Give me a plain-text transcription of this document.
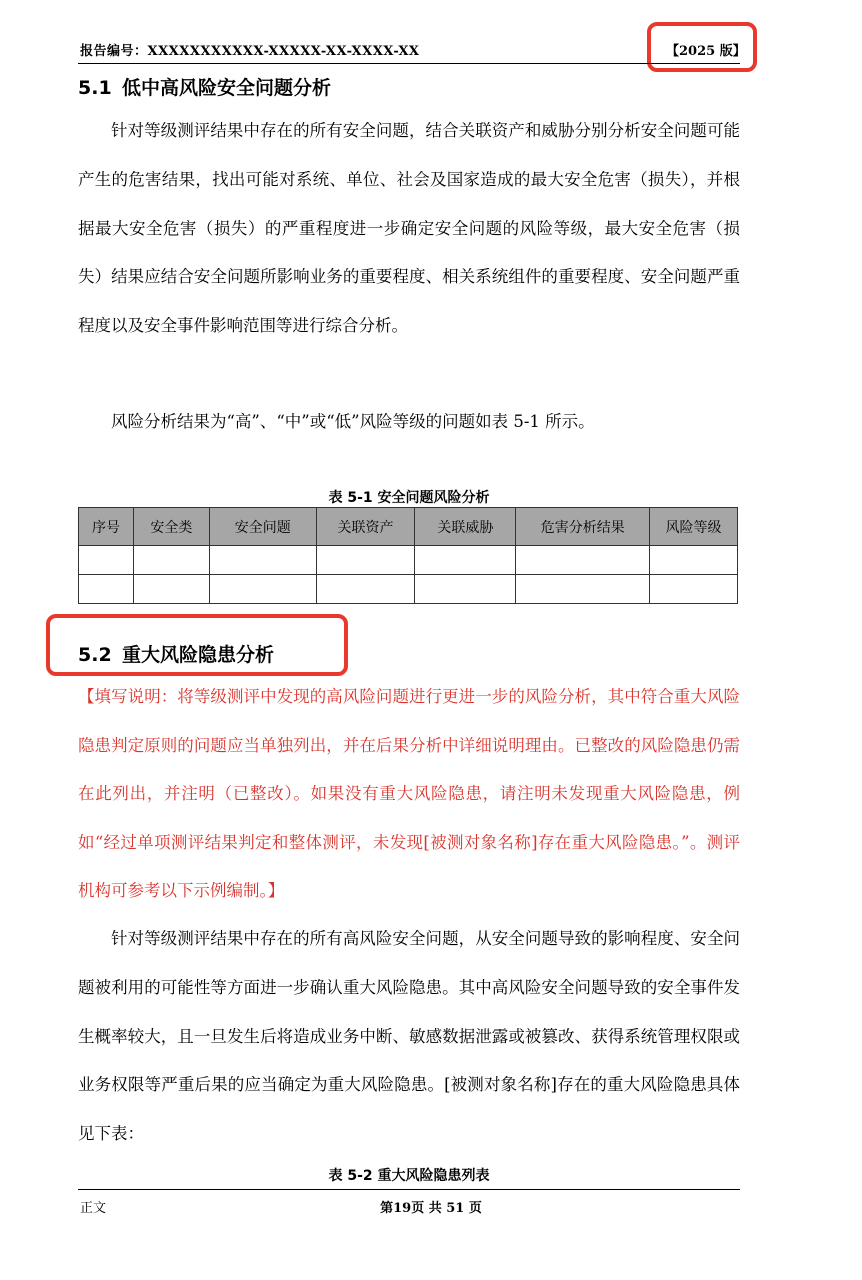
报告编号：XXXXXXXXXXX-XXXXX-XX-XXXX-XX	【2025 版】
5.1 低中高风险安全问题分析

针对等级测评结果中存在的所有安全问题，结合关联资产和威胁分别分析安全问题可能产生的危害结果，找出可能对系统、单位、社会及国家造成的最大安全危害（损失），并根据最大安全危害（损失）的严重程度进一步确定安全问题的风险等级，最大安全危害（损失）结果应结合安全问题所影响业务的重要程度、相关系统组件的重要程度、安全问题严重程度以及安全事件影响范围等进行综合分析。

风险分析结果为“高”、“中”或“低”风险等级的问题如表 5-1 所示。

表 5-1 安全问题风险分析
序号	安全类	安全问题	关联资产	关联威胁	危害分析结果	风险等级

5.2 重大风险隐患分析

【填写说明：将等级测评中发现的高风险问题进行更进一步的风险分析，其中符合重大风险隐患判定原则的问题应当单独列出，并在后果分析中详细说明理由。已整改的风险隐患仍需在此列出，并注明（已整改）。如果没有重大风险隐患，请注明未发现重大风险隐患，例如“经过单项测评结果判定和整体测评，未发现[被测对象名称]存在重大风险隐患。”。测评机构可参考以下示例编制。】

针对等级测评结果中存在的所有高风险安全问题，从安全问题导致的影响程度、安全问题被利用的可能性等方面进一步确认重大风险隐患。其中高风险安全问题导致的安全事件发生概率较大，且一旦发生后将造成业务中断、敏感数据泄露或被篡改、获得系统管理权限或业务权限等严重后果的应当确定为重大风险隐患。[被测对象名称]存在的重大风险隐患具体见下表：

表 5-2 重大风险隐患列表
正文	第19页 共 51 页
